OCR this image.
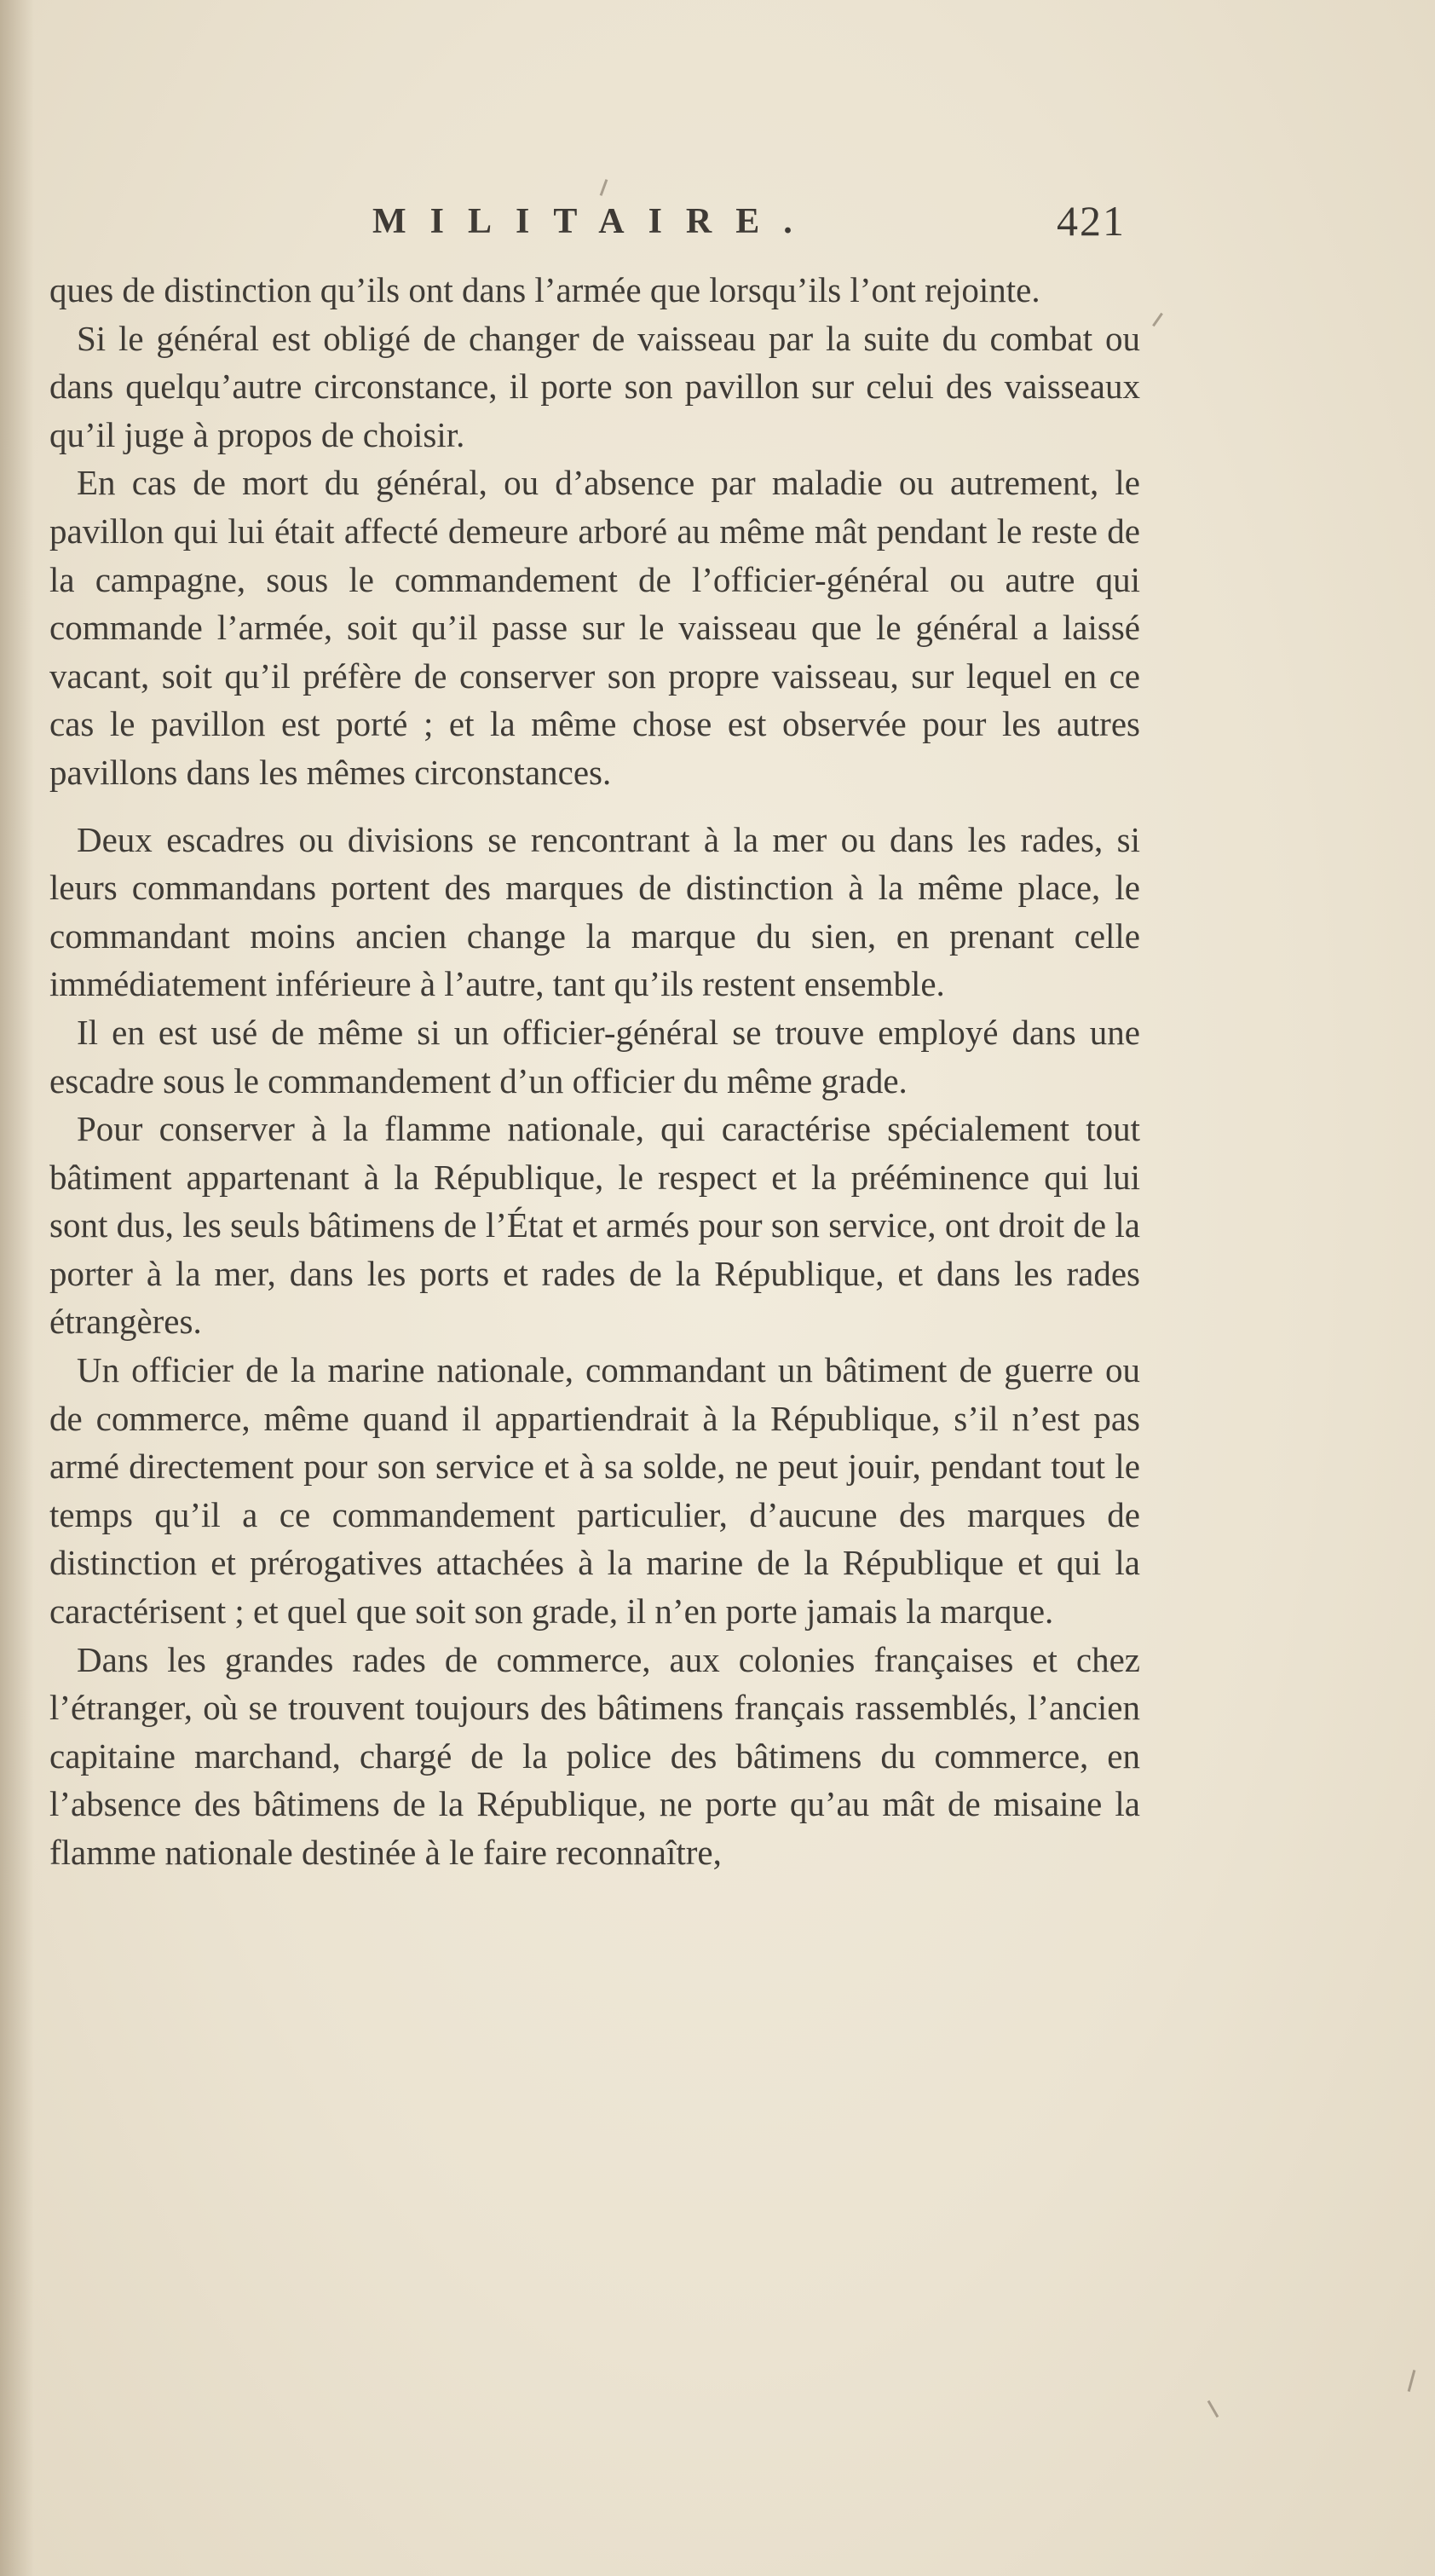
MILITAIRE.	421

ques de distinction qu’ils ont dans l’armée que lorsqu’ils l’ont rejointe.

Si le général est obligé de changer de vaisseau par la suite du combat ou dans quelqu’autre circonstance, il porte son pavillon sur celui des vaisseaux qu’il juge à propos de choisir.

En cas de mort du général, ou d’absence par maladie ou autrement, le pavillon qui lui était affecté demeure arboré au même mât pendant le reste de la campagne, sous le commandement de l’officier-général ou autre qui commande l’armée, soit qu’il passe sur le vaisseau que le général a laissé vacant, soit qu’il préfère de conserver son propre vaisseau, sur lequel en ce cas le pavillon est porté ; et la même chose est observée pour les autres pavillons dans les mêmes circonstances.

Deux escadres ou divisions se rencontrant à la mer ou dans les rades, si leurs commandans portent des marques de distinction à la même place, le commandant moins ancien change la marque du sien, en prenant celle immédiatement inférieure à l’autre, tant qu’ils restent ensemble.

Il en est usé de même si un officier-général se trouve employé dans une escadre sous le commandement d’un officier du même grade.

Pour conserver à la flamme nationale, qui caractérise spécialement tout bâtiment appartenant à la République, le respect et la prééminence qui lui sont dus, les seuls bâtimens de l’État et armés pour son service, ont droit de la porter à la mer, dans les ports et rades de la République, et dans les rades étrangères.

Un officier de la marine nationale, commandant un bâtiment de guerre ou de commerce, même quand il appartiendrait à la République, s’il n’est pas armé directement pour son service et à sa solde, ne peut jouir, pendant tout le temps qu’il a ce commandement particulier, d’aucune des marques de distinction et prérogatives attachées à la marine de la République et qui la caractérisent ; et quel que soit son grade, il n’en porte jamais la marque.

Dans les grandes rades de commerce, aux colonies françaises et chez l’étranger, où se trouvent toujours des bâtimens français rassemblés, l’ancien capitaine marchand, chargé de la police des bâtimens du commerce, en l’absence des bâtimens de la République, ne porte qu’au mât de misaine la flamme nationale destinée à le faire reconnaître,
